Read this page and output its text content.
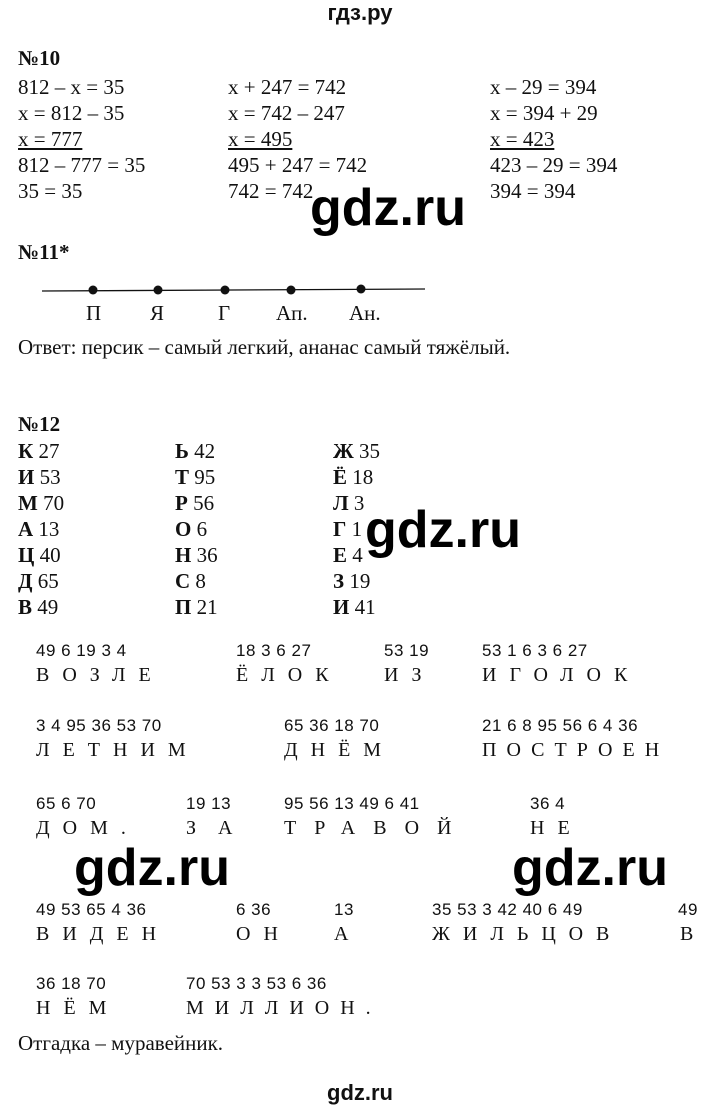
гдз.ру
№10
812 – х = 35
х = 812 – 35
х = 777
812 – 777 = 35
35 = 35
х + 247 = 742
х = 742 – 247
х = 495
495 + 247 = 742
742 = 742
х – 29 = 394
х = 394 + 29
х = 423
423 – 29 = 394
394 = 394
gdz.ru
№11*
П Я	Г Ап. Ан.
Ответ: персик – самый легкий, ананас самый тяжёлый.
№12
К 27
И 53
М 70
А 13
Ц 40
Д 65
В 49
Ь 42
Т 95
Р 56
О 6
Н 36
С 8
П 21
Ж 35
Ё 18
Л 3
Г 1
Е 4
З 19
И 41
gdz.ru
49 6 19 3 4
ВОЗЛЕ
18 3 6 27
ЁЛОК
53 19
ИЗ
53 1 6 3 6 27
ИГОЛОК
3 4 95 36 53 70
ЛЕТНИМ
65 36 18 70
ДНЁМ
21 6 8 95 56 6 4 36
ПОСТРОЕН
65 6 70
ДОМ.
19 13
ЗА
95 56 13 49 6 41
ТРАВОЙ
36 4
НЕ
gdz.ru	gdz.ru
49 53 65 4 36
ВИДЕН
6 36
ОН
13
А
35 53 3 42 40 6 49
ЖИЛЬЦОВ
49
В
36 18 70
НЁМ
70 53 3 3 53 6 36
МИЛЛИОН.
Отгадка – муравейник.
gdz.ru
